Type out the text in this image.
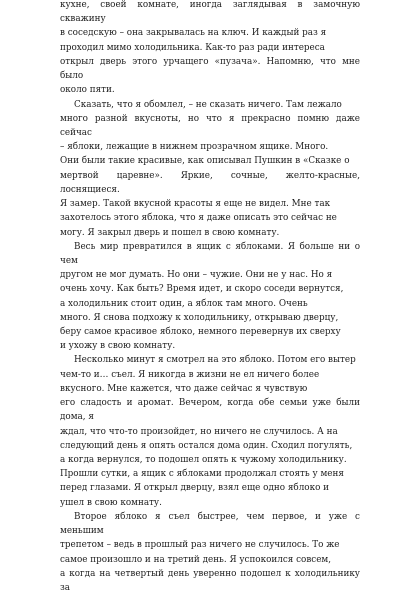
кухне, своей комнате, иногда заглядывая в замочную скважину
в соседскую – она закрывалась на ключ. И каждый раз я
проходил мимо холодильника. Как-то раз ради интереса
открыл дверь этого урчащего «пузача». Напомню, что мне было
около пяти.

Сказать, что я обомлел, – не сказать ничего. Там лежало
много разной вкусноты, но что я прекрасно помню даже сейчас
– яблоки, лежащие в нижнем прозрачном ящике. Много.
Они были такие красивые, как описывал Пушкин в «Сказке о
мертвой царевне». Яркие, сочные, желто-красные, лоснящиеся.
Я замер. Такой вкусной красоты я еще не видел. Мне так
захотелось этого яблока, что я даже описать это сейчас не
могу. Я закрыл дверь и пошел в свою комнату.

Весь мир превратился в ящик с яблоками. Я больше ни о чем
другом не мог думать. Но они – чужие. Они не у нас. Но я
очень хочу. Как быть? Время идет, и скоро соседи вернутся,
а холодильник стоит один, а яблок там много. Очень
много. Я снова подхожу к холодильнику, открываю дверцу,
беру самое красивое яблоко, немного перевернув их сверху
и ухожу в свою комнату.

Несколько минут я смотрел на это яблоко. Потом его вытер
чем-то и… съел. Я никогда в жизни не ел ничего более
вкусного. Мне кажется, что даже сейчас я чувствую
его сладость и аромат. Вечером, когда обе семьи уже были дома, я
ждал, что что-то произойдет, но ничего не случилось. А на
следующий день я опять остался дома один. Сходил погулять,
а когда вернулся, то подошел опять к чужому холодильнику.
Прошли сутки, а ящик с яблоками продолжал стоять у меня
перед глазами. Я открыл дверцу, взял еще одно яблоко и
ушел в свою комнату.

Второе яблоко я съел быстрее, чем первое, и уже с меньшим
трепетом – ведь в прошлый раз ничего не случилось. То же
самое произошло и на третий день. Я успокоился совсем,
а когда на четвертый день уверенно подошел к холодильнику за
